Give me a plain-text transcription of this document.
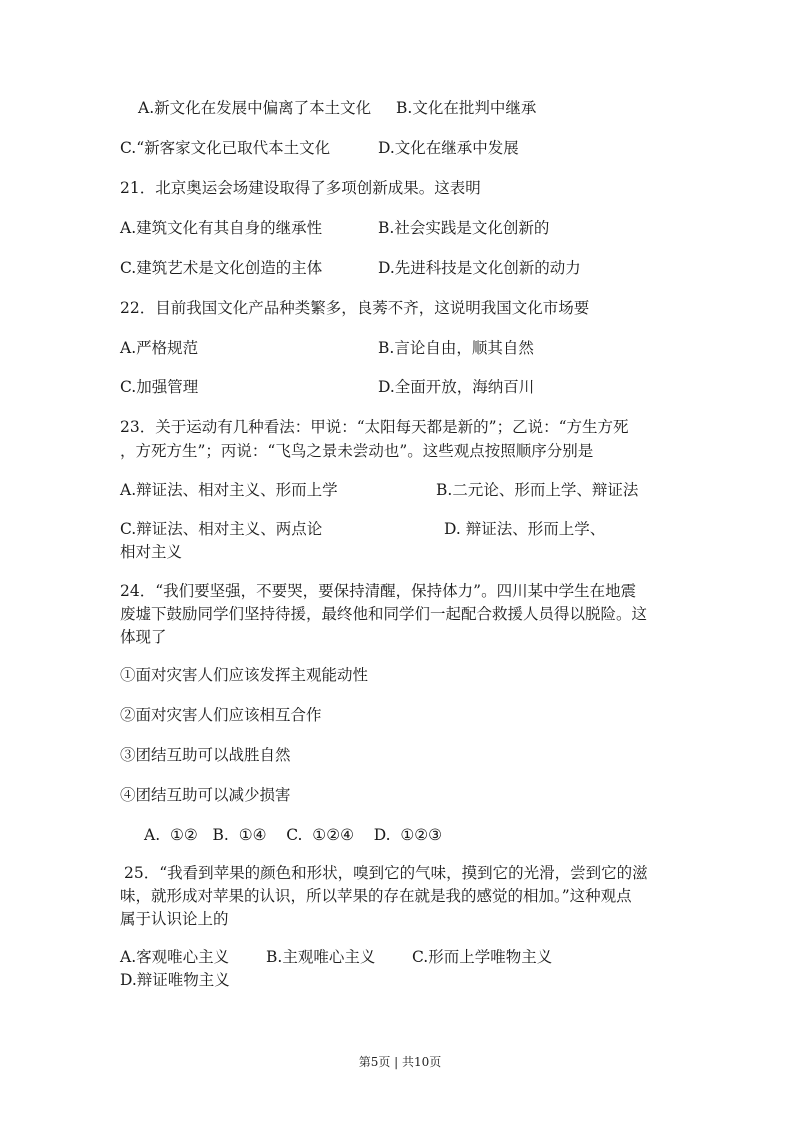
A.新文化在发展中偏离了本土文化 B.文化在批判中继承
C.“新客家文化已取代本土文化	D.文化在继承中发展
21．北京奥运会场建设取得了多项创新成果。这表明
A.建筑文化有其自身的继承性	B.社会实践是文化创新的
C.建筑艺术是文化创造的主体	D.先进科技是文化创新的动力
22．目前我国文化产品种类繁多，良莠不齐，这说明我国文化市场要
A.严格规范	B.言论自由，顺其自然
C.加强管理	D.全面开放，海纳百川
23．关于运动有几种看法：甲说：“太阳每天都是新的”；乙说：“方生方死
，方死方生”；丙说：“飞鸟之景未尝动也”。这些观点按照顺序分别是
A.辩证法、相对主义、形而上学	B.二元论、形而上学、辩证法
C.辩证法、相对主义、两点论	D. 辩证法、形而上学、
相对主义
24．“我们要坚强，不要哭，要保持清醒，保持体力”。四川某中学生在地震
废墟下鼓励同学们坚持待援，最终他和同学们一起配合救援人员得以脱险。这
体现了
①面对灾害人们应该发挥主观能动性
②面对灾害人们应该相互合作
③团结互助可以战胜自然
④团结互助可以减少损害
A.  ①②   B.  ①④    C.  ①②④    D.  ①②③
25．“我看到苹果的颜色和形状，嗅到它的气味，摸到它的光滑，尝到它的滋
味，就形成对苹果的认识，所以苹果的存在就是我的感觉的相加。”这种观点
属于认识论上的
A.客观唯心主义 B.主观唯心主义 C.形而上学唯物主义
D.辩证唯物主义
第5页 | 共10页
